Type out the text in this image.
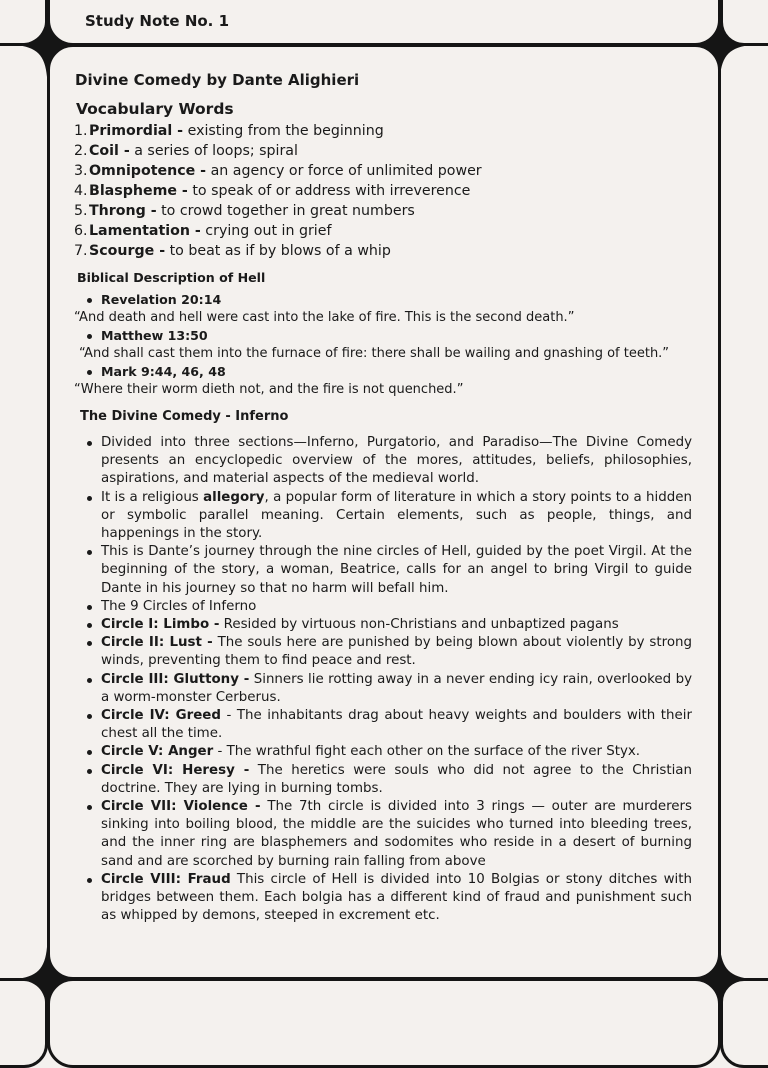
Study Note No. 1
Divine Comedy by Dante Alighieri
Vocabulary Words
1.Primordial - existing from the beginning
2.Coil - a series of loops; spiral
3.Omnipotence - an agency or force of unlimited power
4.Blaspheme - to speak of or address with irreverence
5.Throng - to crowd together in great numbers
6.Lamentation - crying out in grief
7.Scourge - to beat as if by blows of a whip
Biblical Description of Hell
Revelation 20:14
“And death and hell were cast into the lake of fire. This is the second death.”
Matthew 13:50
“And shall cast them into the furnace of fire: there shall be wailing and gnashing of teeth.”
Mark 9:44, 46, 48
“Where their worm dieth not, and the fire is not quenched.”
The Divine Comedy - Inferno
Divided into three sections—Inferno, Purgatorio, and Paradiso—The Divine Comedy presents an encyclopedic overview of the mores, attitudes, beliefs, philosophies, aspirations, and material aspects of the medieval world.
It is a religious allegory, a popular form of literature in which a story points to a hidden or symbolic parallel meaning. Certain elements, such as people, things, and happenings in the story.
This is Dante’s journey through the nine circles of Hell, guided by the poet Virgil. At the beginning of the story, a woman, Beatrice, calls for an angel to bring Virgil to guide Dante in his journey so that no harm will befall him.
The 9 Circles of Inferno
Circle I: Limbo - Resided by virtuous non-Christians and unbaptized pagans
Circle II: Lust - The souls here are punished by being blown about violently by strong winds, preventing them to find peace and rest.
Circle III: Gluttony - Sinners lie rotting away in a never ending icy rain, overlooked by a worm-monster Cerberus.
Circle IV: Greed - The inhabitants drag about heavy weights and boulders with their chest all the time.
Circle V: Anger - The wrathful fight each other on the surface of the river Styx.
Circle VI: Heresy - The heretics were souls who did not agree to the Christian doctrine. They are lying in burning tombs.
Circle VII: Violence - The 7th circle is divided into 3 rings — outer are murderers sinking into boiling blood, the middle are the suicides who turned into bleeding trees, and the inner ring are blasphemers and sodomites who reside in a desert of burning sand and are scorched by burning rain falling from above
Circle VIII: Fraud This circle of Hell is divided into 10 Bolgias or stony ditches with bridges between them. Each bolgia has a different kind of fraud and punishment such as whipped by demons, steeped in excrement etc.
